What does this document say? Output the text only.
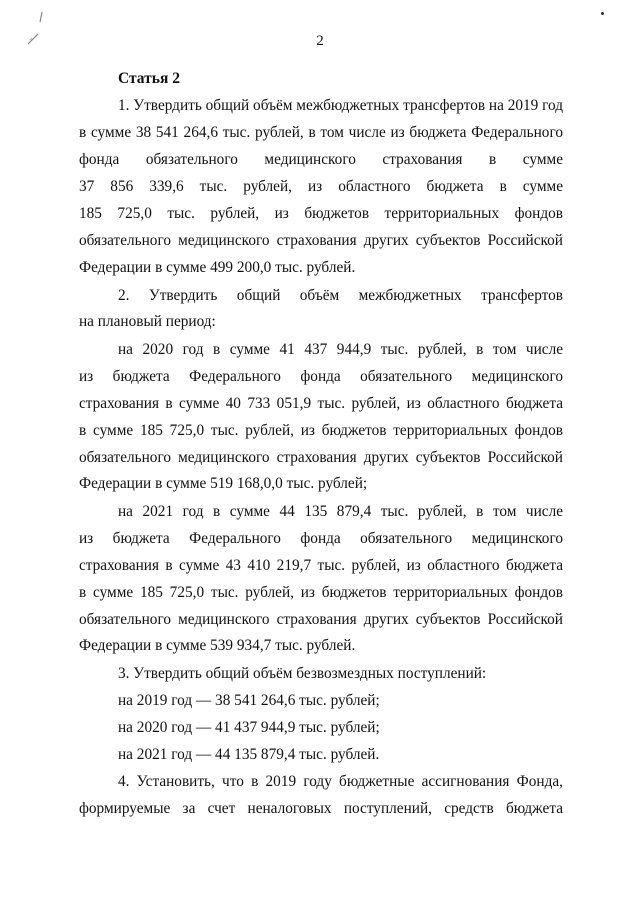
2
Статья 2
1. Утвердить общий объём межбюджетных трансфертов на 2019 год
в сумме 38 541 264,6 тыс. рублей, в том числе из бюджета Федерального
фонда обязательного медицинского страхования в сумме
37 856 339,6 тыс. рублей, из областного бюджета в сумме
185 725,0 тыс. рублей, из бюджетов территориальных фондов
обязательного медицинского страхования других субъектов Российской
Федерации в сумме 499 200,0 тыс. рублей.
2. Утвердить общий объём межбюджетных трансфертов
на плановый период:
на 2020 год в сумме 41 437 944,9 тыс. рублей, в том числе
из бюджета Федерального фонда обязательного медицинского
страхования в сумме 40 733 051,9 тыс. рублей, из областного бюджета
в сумме 185 725,0 тыс. рублей, из бюджетов территориальных фондов
обязательного медицинского страхования других субъектов Российской
Федерации в сумме 519 168,0,0 тыс. рублей;
на 2021 год в сумме 44 135 879,4 тыс. рублей, в том числе
из бюджета Федерального фонда обязательного медицинского
страхования в сумме 43 410 219,7 тыс. рублей, из областного бюджета
в сумме 185 725,0 тыс. рублей, из бюджетов территориальных фондов
обязательного медицинского страхования других субъектов Российской
Федерации в сумме 539 934,7 тыс. рублей.
3. Утвердить общий объём безвозмездных поступлений:
на 2019 год — 38 541 264,6 тыс. рублей;
на 2020 год — 41 437 944,9 тыс. рублей;
на 2021 год — 44 135 879,4 тыс. рублей.
4. Установить, что в 2019 году бюджетные ассигнования Фонда,
формируемые за счет неналоговых поступлений, средств бюджета
